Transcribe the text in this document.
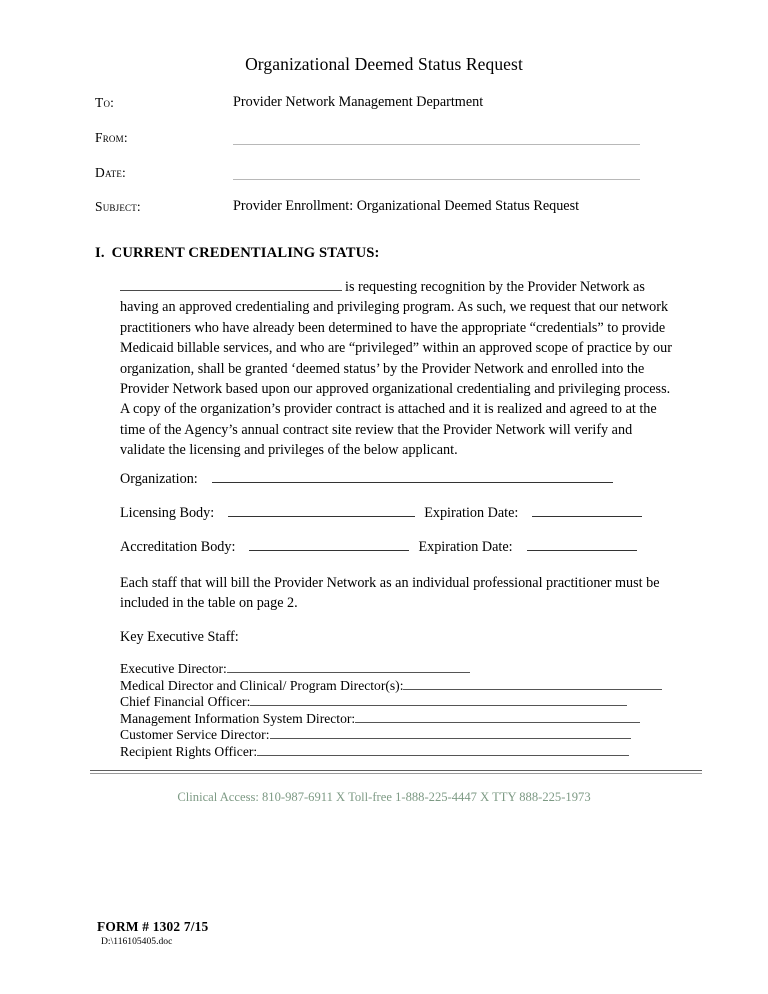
Organizational Deemed Status Request
To:	Provider Network Management Department
From:
Date:
Subject:	Provider Enrollment: Organizational Deemed Status Request
I. CURRENT CREDENTIALING STATUS:
is requesting recognition by the Provider Network as having an approved credentialing and privileging program. As such, we request that our network practitioners who have already been determined to have the appropriate “credentials” to provide Medicaid billable services, and who are “privileged” within an approved scope of practice by our organization, shall be granted ‘deemed status’ by the Provider Network and enrolled into the Provider Network based upon our approved organizational credentialing and privileging process. A copy of the organization’s provider contract is attached and it is realized and agreed to at the time of the Agency’s annual contract site review that the Provider Network will verify and validate the licensing and privileges of the below applicant.
Organization:
Licensing Body:	Expiration Date:
Accreditation Body:	Expiration Date:
Each staff that will bill the Provider Network as an individual professional practitioner must be included in the table on page 2.
Key Executive Staff:
Executive Director:
Medical Director and Clinical/ Program Director(s):
Chief Financial Officer:
Management Information System Director:
Customer Service Director:
Recipient Rights Officer:
Clinical Access: 810-987-6911 X Toll-free 1-888-225-4447 X TTY 888-225-1973
FORM # 1302 7/15
D:\116105405.doc
